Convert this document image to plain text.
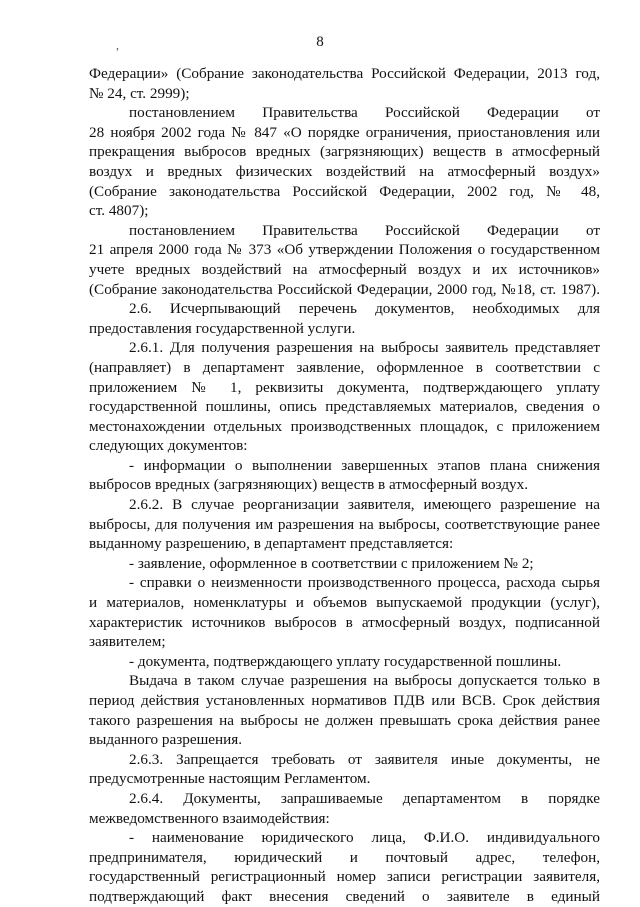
8
,
Федерации» (Собрание законодательства Российской Федерации, 2013 год,
№ 24, ст. 2999);
постановлением Правительства Российской Федерации от
28 ноября 2002 года № 847 «О порядке ограничения, приостановления или
прекращения выбросов вредных (загрязняющих) веществ в атмосферный
воздух и вредных физических воздействий на атмосферный воздух»
(Собрание законодательства Российской Федерации, 2002 год, № 48,
ст. 4807);
постановлением Правительства Российской Федерации от
21 апреля 2000 года № 373 «Об утверждении Положения о государственном
учете вредных воздействий на атмосферный воздух и их источников»
(Собрание законодательства Российской Федерации, 2000 год, №18, ст. 1987).
2.6. Исчерпывающий перечень документов, необходимых для
предоставления государственной услуги.
2.6.1. Для получения разрешения на выбросы заявитель представляет
(направляет) в департамент заявление, оформленное в соответствии с
приложением № 1, реквизиты документа, подтверждающего уплату
государственной пошлины, опись представляемых материалов, сведения о
местонахождении отдельных производственных площадок, с приложением
следующих документов:
- информации о выполнении завершенных этапов плана снижения
выбросов вредных (загрязняющих) веществ в атмосферный воздух.
2.6.2. В случае реорганизации заявителя, имеющего разрешение на
выбросы, для получения им разрешения на выбросы, соответствующие ранее
выданному разрешению, в департамент представляется:
- заявление, оформленное в соответствии с приложением № 2;
- справки о неизменности производственного процесса, расхода сырья
и материалов, номенклатуры и объемов выпускаемой продукции (услуг),
характеристик источников выбросов в атмосферный воздух, подписанной
заявителем;
- документа, подтверждающего уплату государственной пошлины.
Выдача в таком случае разрешения на выбросы допускается только в
период действия установленных нормативов ПДВ или ВСВ. Срок действия
такого разрешения на выбросы не должен превышать срока действия ранее
выданного разрешения.
2.6.3. Запрещается требовать от заявителя иные документы, не
предусмотренные настоящим Регламентом.
2.6.4. Документы, запрашиваемые департаментом в порядке
межведомственного взаимодействия:
- наименование юридического лица, Ф.И.О. индивидуального
предпринимателя, юридический и почтовый адрес, телефон,
государственный регистрационный номер записи регистрации заявителя,
подтверждающий факт внесения сведений о заявителе в единый
